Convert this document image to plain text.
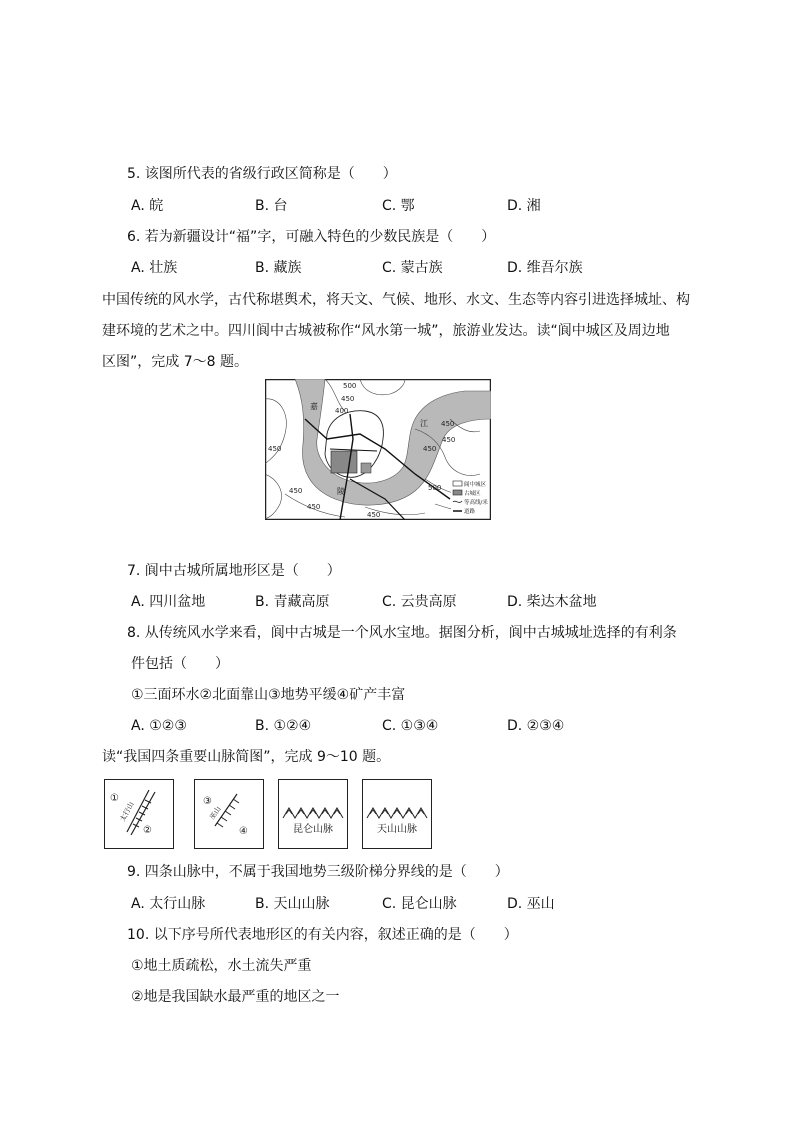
5. 该图所代表的省级行政区简称是（　　）
A. 皖	B. 台	C. 鄂	D. 湘
6. 若为新疆设计“福”字，可融入特色的少数民族是（　　）
A. 壮族	B. 藏族	C. 蒙古族	D. 维吾尔族
中国传统的风水学，古代称堪舆术，将天文、气候、地形、水文、生态等内容引进选择城址、构
建环境的艺术之中。四川阆中古城被称作“风水第一城”，旅游业发达。读“阆中城区及周边地
区图”，完成 7～8 题。
500
450
400
450
450
450
500
450
450
450
450
嘉
陵
江
阆中城区
古城区
等高线/米
道路
7. 阆中古城所属地形区是（　　）
A. 四川盆地	B. 青藏高原	C. 云贵高原	D. 柴达木盆地
8. 从传统风水学来看，阆中古城是一个风水宝地。据图分析，阆中古城城址选择的有利条
件包括（　　）
①三面环水②北面靠山③地势平缓④矿产丰富
A. ①②③	B. ①②④	C. ①③④	D. ②③④
读“我国四条重要山脉简图”，完成 9～10 题。
①
②
太行山	③
④
巫山
昆仑山脉	天山山脉
9. 四条山脉中，不属于我国地势三级阶梯分界线的是（　　）
A. 太行山脉	B. 天山山脉	C. 昆仑山脉	D. 巫山
10. 以下序号所代表地形区的有关内容，叙述正确的是（　　）
①地土质疏松，水土流失严重
②地是我国缺水最严重的地区之一
